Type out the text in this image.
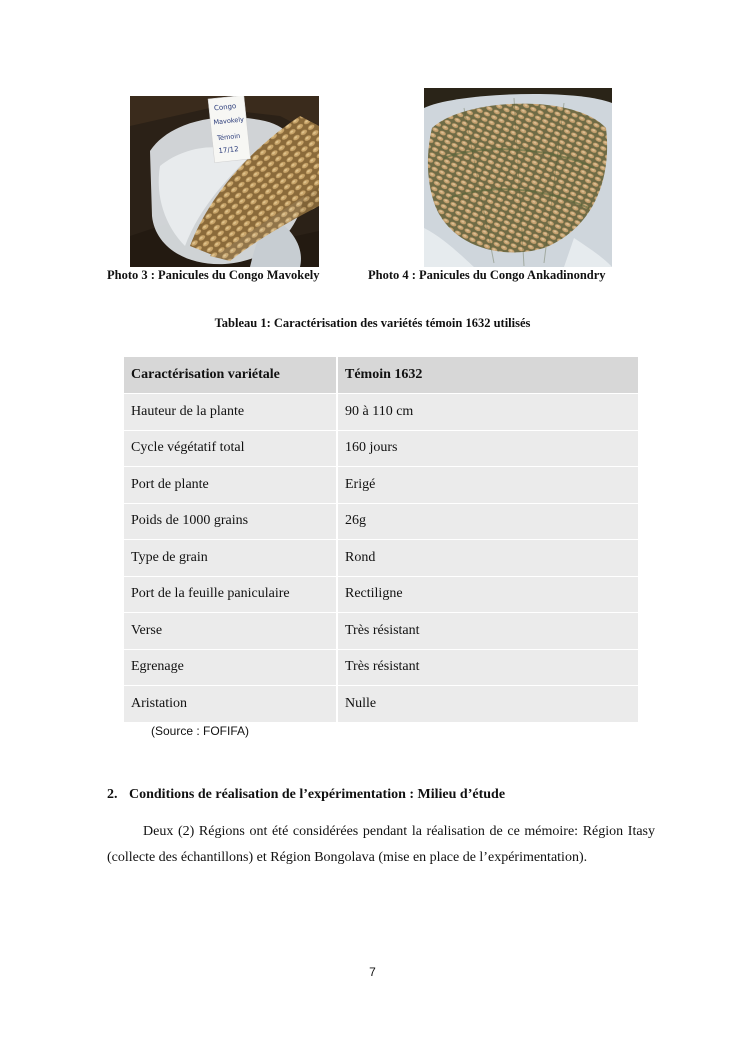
Congo
Mavokely
Témoin
17/12
Photo 3 : Panicules du Congo Mavokely	Photo 4 : Panicules du Congo Ankadinondry
Tableau 1: Caractérisation des variétés témoin 1632 utilisés
Caractérisation variétale	Témoin 1632
Hauteur de la plante	90 à 110 cm
Cycle végétatif total	160 jours
Port de plante	Erigé
Poids de 1000 grains	26g
Type de grain	Rond
Port de la feuille paniculaire	Rectiligne
Verse	Très résistant
Egrenage	Très résistant
Aristation	Nulle
(Source : FOFIFA)
2. Conditions de réalisation de l’expérimentation : Milieu d’étude
Deux (2) Régions ont été considérées pendant la réalisation de ce mémoire: Région Itasy (collecte des échantillons) et Région Bongolava (mise en place de l’expérimentation).
7
